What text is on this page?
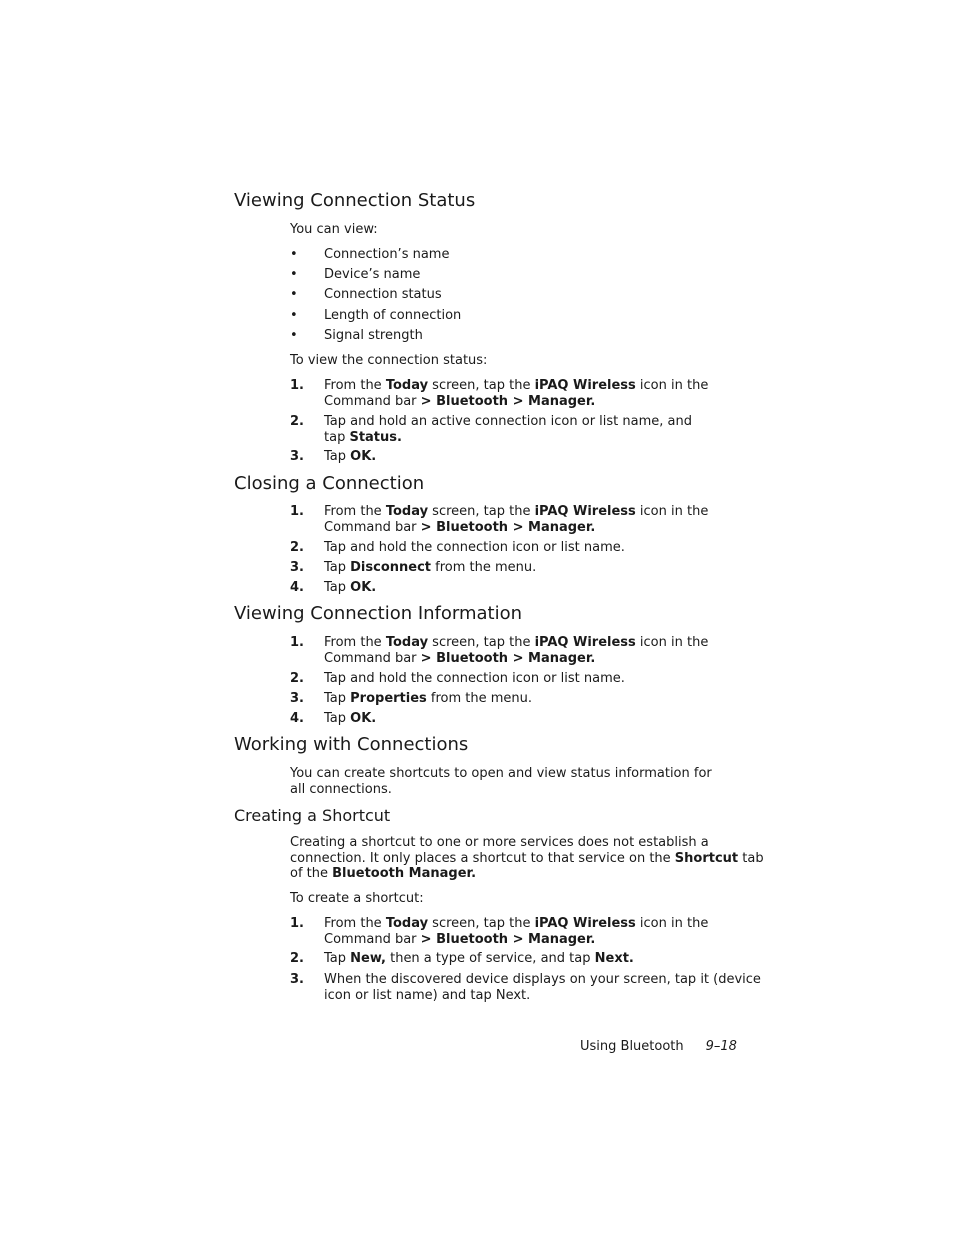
Viewing Connection Status

You can view:

• Connection’s name
• Device’s name
• Connection status
• Length of connection
• Signal strength

To view the connection status:

1. From the Today screen, tap the iPAQ Wireless icon in the
Command bar > Bluetooth > Manager.
2. Tap and hold an active connection icon or list name, and
tap Status.
3. Tap OK.
Closing a Connection
1. From the Today screen, tap the iPAQ Wireless icon in the
Command bar > Bluetooth > Manager.
2. Tap and hold the connection icon or list name.
3. Tap Disconnect from the menu.
4. Tap OK.
Viewing Connection Information
1. From the Today screen, tap the iPAQ Wireless icon in the
Command bar > Bluetooth > Manager.
2. Tap and hold the connection icon or list name.
3. Tap Properties from the menu.
4. Tap OK.
Working with Connections
You can create shortcuts to open and view status information for
all connections.
Creating a Shortcut
Creating a shortcut to one or more services does not establish a
connection. It only places a shortcut to that service on the Shortcut tab
of the Bluetooth Manager.

To create a shortcut:

1. From the Today screen, tap the iPAQ Wireless icon in the
Command bar > Bluetooth > Manager.
2. Tap New, then a type of service, and tap Next.
3. When the discovered device displays on your screen, tap it (device
icon or list name) and tap Next.
Using Bluetooth 9–18
